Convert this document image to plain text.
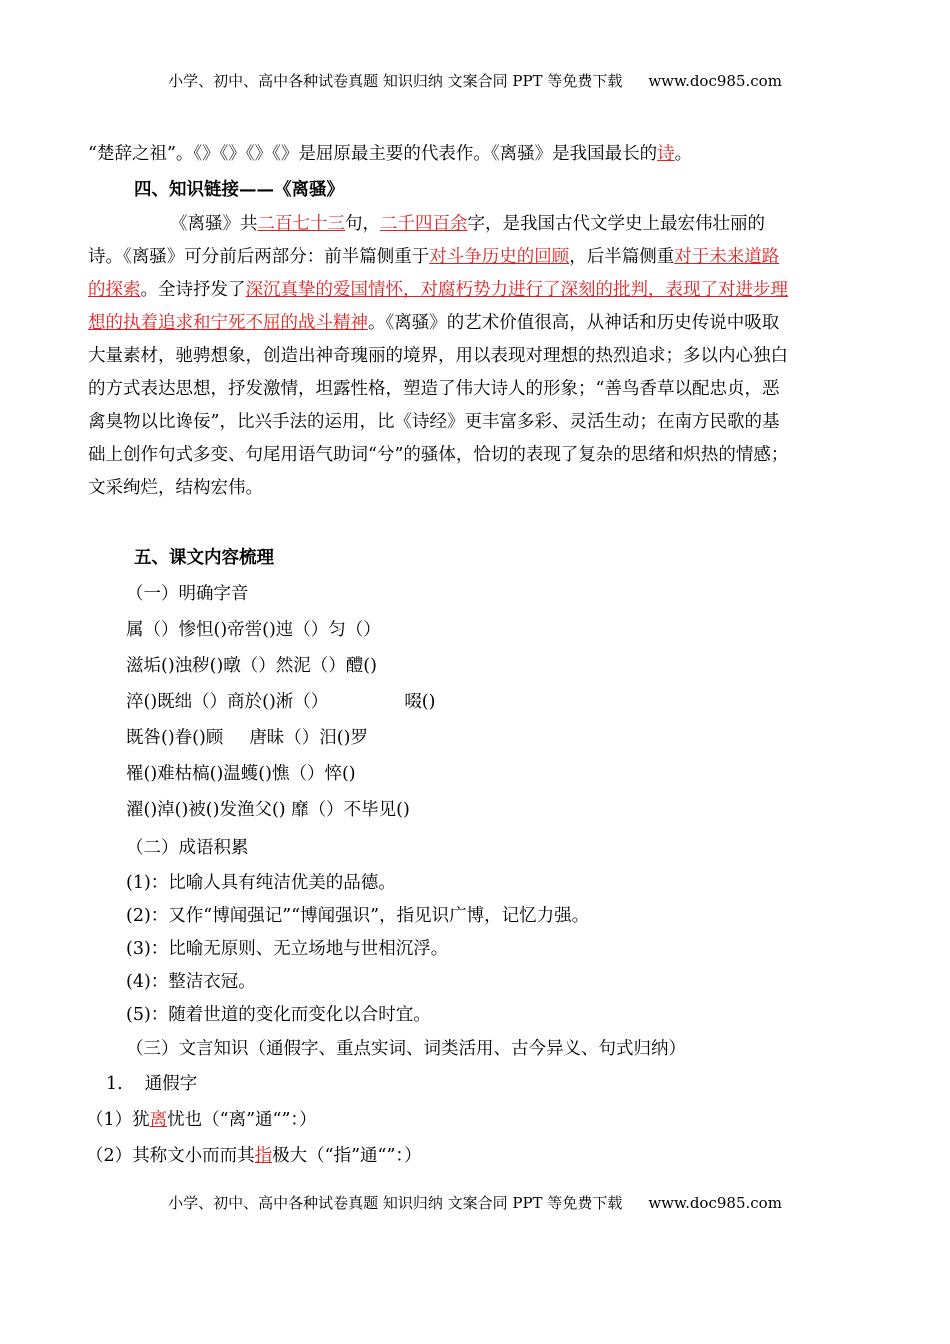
小学、初中、高中各种试卷真题 知识归纳 文案合同 PPT 等免费下载 www.doc985.com
“楚辞之祖”。《》《》《》《》是屈原最主要的代表作。《离骚》是我国最长的诗。
四、知识链接——《离骚》
《离骚》共二百七十三句，二千四百余字，是我国古代文学史上最宏伟壮丽的
诗。《离骚》可分前后两部分：前半篇侧重于对斗争历史的回顾，后半篇侧重对于未来道路
的探索。全诗抒发了深沉真挚的爱国情怀，对腐朽势力进行了深刻的批判，表现了对进步理
想的执着追求和宁死不屈的战斗精神。《离骚》的艺术价值很高，从神话和历史传说中吸取
大量素材，驰骋想象，创造出神奇瑰丽的境界，用以表现对理想的热烈追求；多以内心独白
的方式表达思想，抒发激情，坦露性格，塑造了伟大诗人的形象；“善鸟香草以配忠贞，恶
禽臭物以比谗佞”，比兴手法的运用，比《诗经》更丰富多彩、灵活生动；在南方民歌的基
础上创作句式多变、句尾用语气助词“兮”的骚体，恰切的表现了复杂的思绪和炽热的情感；
文采绚烂，结构宏伟。
五、课文内容梳理
（一）明确字音
属（）惨怛()帝喾()迍（）匀（）
滋垢()浊秽()暾（）然泥（）醴()
淬()既绌（）商於()淅（）	啜()
既咎()眷()顾 唐昧（）汨()罗
罹()难枯槁()温蠖()憔（）悴()
濯()淖()被()发渔父() 靡（）不毕见()
（二）成语积累
(1)：比喻人具有纯洁优美的品德。
(2)：又作“博闻强记”“博闻强识”，指见识广博，记忆力强。
(3)：比喻无原则、无立场地与世相沉浮。
(4)：整洁衣冠。
(5)：随着世道的变化而变化以合时宜。
（三）文言知识（通假字、重点实词、词类活用、古今异义、句式归纳）
1. 通假字
（1）犹离忧也（“离”通“”：）
（2）其称文小而而其指极大（“指”通“”：）
小学、初中、高中各种试卷真题 知识归纳 文案合同 PPT 等免费下载 www.doc985.com
